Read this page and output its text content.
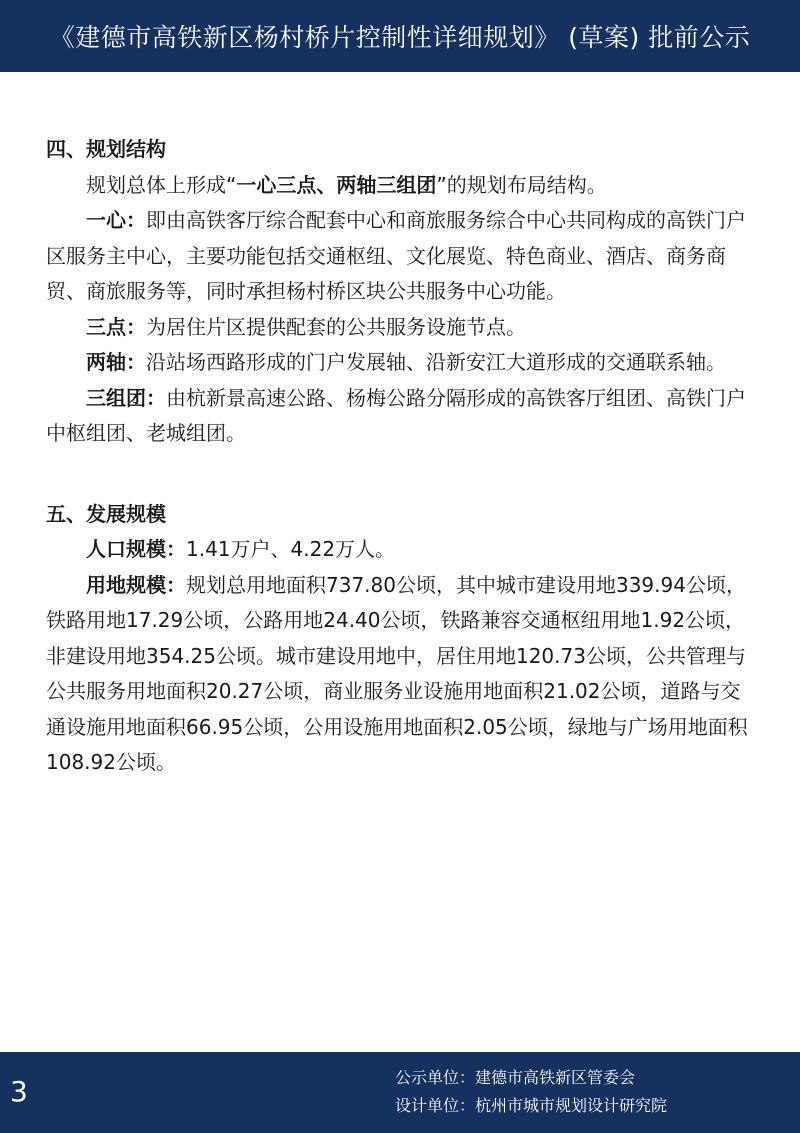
《建德市高铁新区杨村桥片控制性详细规划》 (草案) 批前公示

四、规划结构

规划总体上形成“一心三点、两轴三组团”的规划布局结构。

一心：即由高铁客厅综合配套中心和商旅服务综合中心共同构成的高铁门户区服务主中心，主要功能包括交通枢纽、文化展览、特色商业、酒店、商务商贸、商旅服务等，同时承担杨村桥区块公共服务中心功能。

三点：为居住片区提供配套的公共服务设施节点。

两轴：沿站场西路形成的门户发展轴、沿新安江大道形成的交通联系轴。

三组团：由杭新景高速公路、杨梅公路分隔形成的高铁客厅组团、高铁门户中枢组团、老城组团。

五、发展规模

人口规模：1.41万户、4.22万人。

用地规模：规划总用地面积737.80公顷，其中城市建设用地339.94公顷，铁路用地17.29公顷，公路用地24.40公顷，铁路兼容交通枢纽用地1.92公顷，非建设用地354.25公顷。城市建设用地中，居住用地120.73公顷，公共管理与公共服务用地面积20.27公顷，商业服务业设施用地面积21.02公顷，道路与交通设施用地面积66.95公顷，公用设施用地面积2.05公顷，绿地与广场用地面积108.92公顷。

3	公示单位：建德市高铁新区管委会
设计单位：杭州市城市规划设计研究院
